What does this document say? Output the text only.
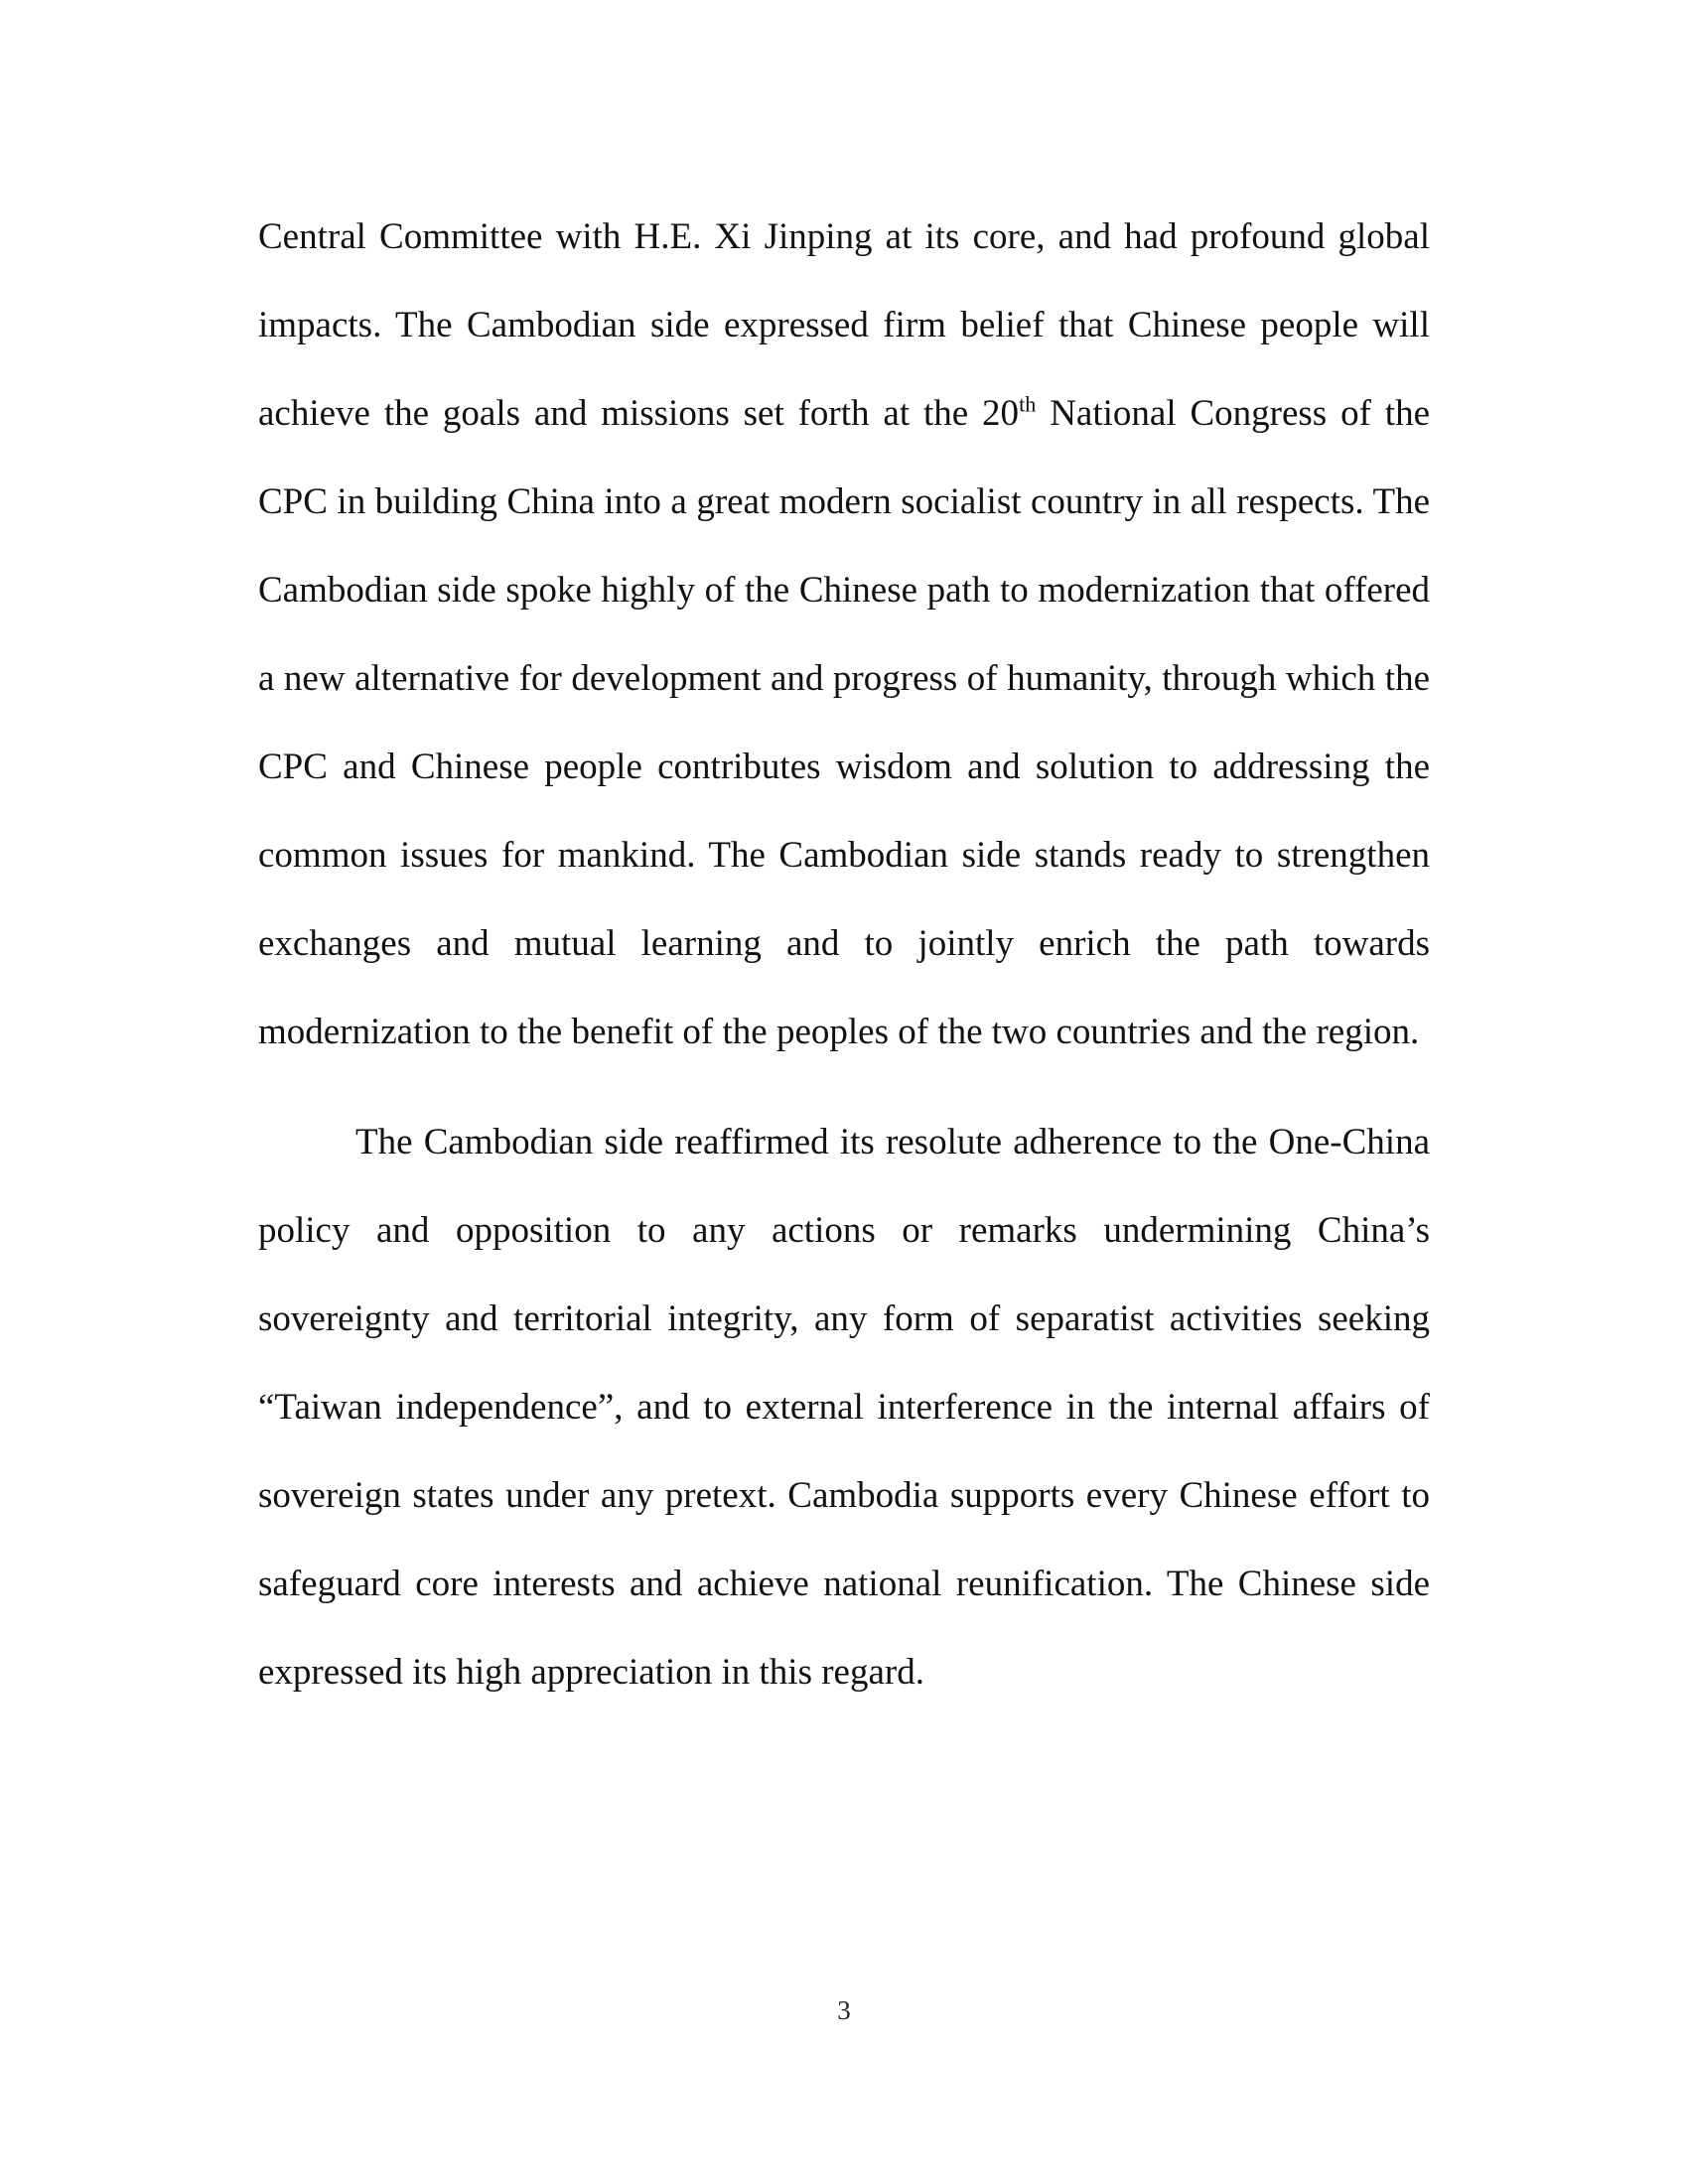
Central Committee with H.E. Xi Jinping at its core, and had profound global impacts. The Cambodian side expressed firm belief that Chinese people will achieve the goals and missions set forth at the 20th National Congress of the CPC in building China into a great modern socialist country in all respects. The Cambodian side spoke highly of the Chinese path to modernization that offered a new alternative for development and progress of humanity, through which the CPC and Chinese people contributes wisdom and solution to addressing the common issues for mankind. The Cambodian side stands ready to strengthen exchanges and mutual learning and to jointly enrich the path towards modernization to the benefit of the peoples of the two countries and the region.

The Cambodian side reaffirmed its resolute adherence to the One-China policy and opposition to any actions or remarks undermining China’s sovereignty and territorial integrity, any form of separatist activities seeking “Taiwan independence”, and to external interference in the internal affairs of sovereign states under any pretext. Cambodia supports every Chinese effort to safeguard core interests and achieve national reunification. The Chinese side expressed its high appreciation in this regard.

3
